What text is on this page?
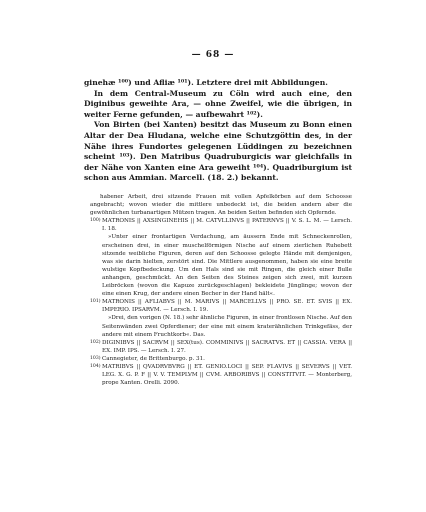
— 68 —

ginehæ ¹⁰⁰) und Afliæ ¹⁰¹). Letztere drei mit Abbildungen.

In dem Central-Museum zu Cöln wird auch eine, den Diginibus geweihte Ara, — ohne Zweifel, wie die übrigen, in weiter Ferne gefunden, — aufbewahrt ¹⁰²).

Von Birten (bei Xanten) besitzt das Museum zu Bonn einen Altar der Dea Hludana, welche eine Schutzgöttin des, in der Nähe ihres Fundortes gelegenen Lüddingen zu bezeichnen scheint ¹⁰³). Den Matribus Quadruburgicis war gleichfalls in der Nähe von Xanten eine Ara geweiht ¹⁰⁴). Quadriburgium ist schon aus Ammian. Marcell. (18. 2.) bekannt.

habener Arbeit, drei sitzende Frauen mit vollen Apfelkörben auf dem Schoosse angebracht; wovon wieder die mittlere unbedeckt ist, die beiden andern aber die gewöhnlichen turbanartigen Mützen tragen. An beiden Seiten befinden sich Opfernde.

100) MATRONIS || AXSINGINEHIS || M. CATVLLINVS || PATERNVS || V. S. L. M. — Lersch. I. 18.

»Unter einer frontartigen Verdachung, am äussern Ende mit Schneckenrollen, erscheinen drei, in einer muschelförmigen Nische auf einem zierlichen Ruhebett sitzende weibliche Figuren, deren auf den Schoosse gelegte Hände mit demjenigen, was sie darin hielten, zerstört sind. Die Mittlere ausgenommen, haben sie eine breite wulstige Kopfbedeckung. Um den Hals sind sie mit Ringen, die gleich einer Bulle anhangen, geschmückt. An den Seiten des Steines zeigen sich zwei, mit kurzen Leibröcken (wovon die Kapuze zurückgeschlagen) bekleidete Jünglinge; wovon der eine einen Krug, der andere einen Becher in der Hand hält«.

101) MATRONIS || AFLIABVS || M. MARIVS || MARCELLVS || PRO. SE. ET. SVIS || EX. IMPERIO. IPSARVM. — Lersch. I. 19.

»Drei, den vorigen (N. 18.) sehr ähnliche Figuren, in einer frontlosen Nische. Auf den Seitenwänden zwei Opferdiener; der eine mit einem kraterähnlichen Trinkgefäss, der andere mit einem Fruchtkorb«. Das.

102) DIGINIBVS || SACRVM || SEX(tus). COMMINIVS || SACRATVS. ET || CASSIA. VERA || EX. IMP. IPS. — Lersch. I. 27.
103) Cannegieter, de Brittenburgo. p. 31.
104) MATRIBVS || QVADRVBVRG || ET. GENIO.LOCI || SEP. FLAVIVS || SEVERVS || VET. LEG. X. G. P. F || V. V. TEMPLVM || CVM. ARBORIBVS || CONSTITVIT. — Monterberg, prope Xanten. Orelli. 2090.
